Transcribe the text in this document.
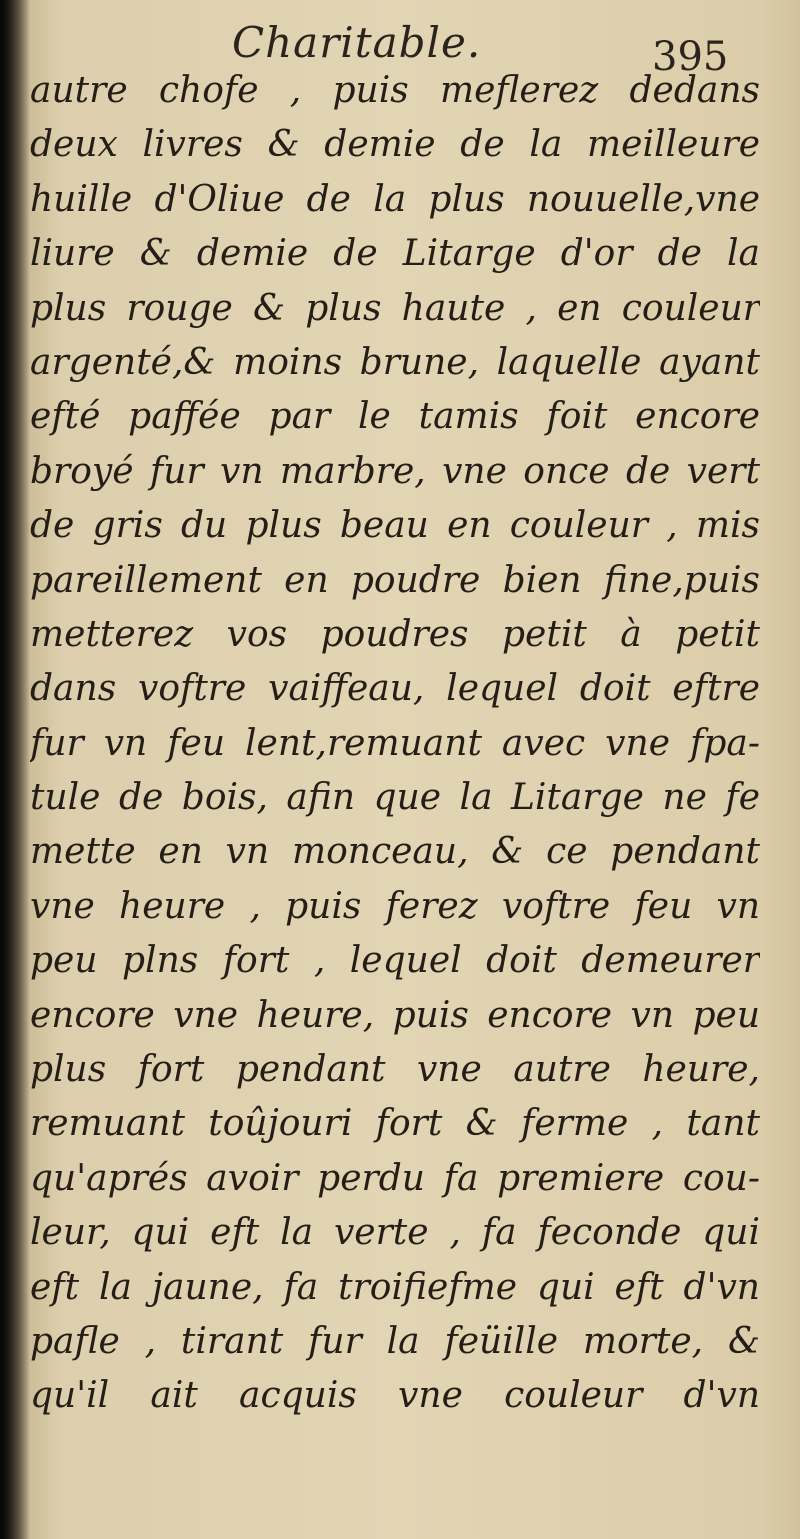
Charitable.	395
autre chofe , puis meflerez dedans
deux livres & demie de la meilleure
huille d'Oliue de la plus nouuelle,vne
liure & demie de Litarge d'or de la
plus rouge & plus haute , en couleur
argenté,& moins brune, laquelle ayant
efté paffée par le tamis foit encore
broyé fur vn marbre, vne once de vert
de gris du plus beau en couleur , mis
pareillement en poudre bien fine,puis
metterez vos poudres petit à petit
dans voftre vaiffeau, lequel doit eftre
fur vn feu lent,remuant avec vne fpa-
tule de bois, afin que la Litarge ne fe
mette en vn monceau, & ce pendant
vne heure , puis ferez voftre feu vn
peu plns fort , lequel doit demeurer
encore vne heure, puis encore vn peu
plus fort pendant vne autre heure,
remuant toûjouri fort & ferme , tant
qu'aprés avoir perdu fa premiere cou-
leur, qui eft la verte , fa feconde qui
eft la jaune, fa troifiefme qui eft d'vn
pafle , tirant fur la feüille morte, &
qu'il ait acquis vne couleur d'vn
